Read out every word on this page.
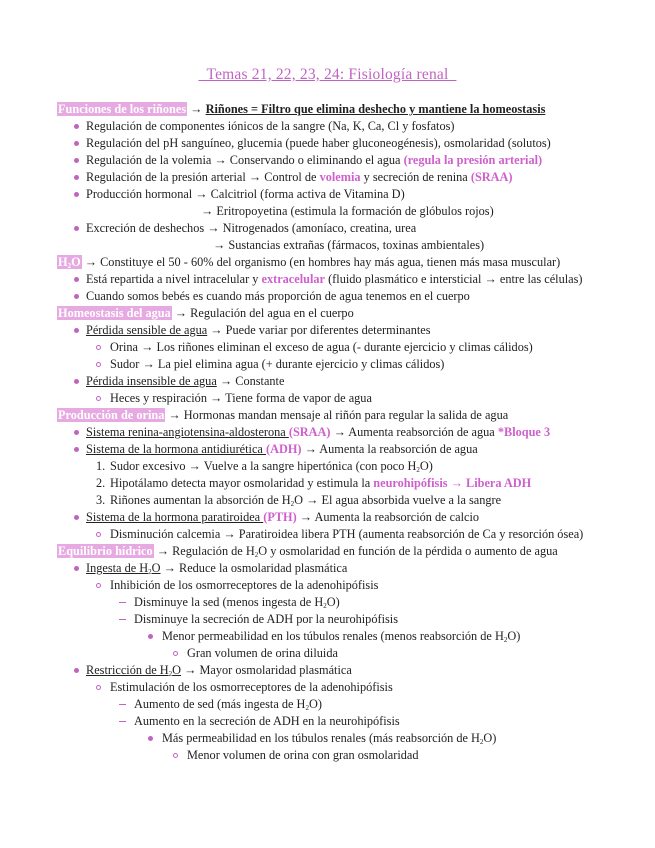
_Temas 21, 22, 23, 24: Fisiología renal_
Funciones de los riñones → Riñones = Filtro que elimina deshecho y mantiene la homeostasis
Regulación de componentes iónicos de la sangre (Na, K, Ca, Cl y fosfatos)
Regulación del pH sanguíneo, glucemia (puede haber gluconeogénesis), osmolaridad (solutos)
Regulación de la volemia → Conservando o eliminando el agua (regula la presión arterial)
Regulación de la presión arterial → Control de volemia y secreción de renina (SRAA)
Producción hormonal → Calcitriol (forma activa de Vitamina D)
→ Eritropoyetina (estimula la formación de glóbulos rojos)
Excreción de deshechos → Nitrogenados (amoníaco, creatina, urea
→ Sustancias extrañas (fármacos, toxinas ambientales)
$H_2O$ → Constituye el 50 - 60% del organismo (en hombres hay más agua, tienen más masa muscular)
Está repartida a nivel intracelular y extracelular (fluido plasmático e intersticial → entre las células)
Cuando somos bebés es cuando más proporción de agua tenemos en el cuerpo
Homeostasis del agua → Regulación del agua en el cuerpo
Pérdida sensible de agua → Puede variar por diferentes determinantes
Orina → Los riñones eliminan el exceso de agua (- durante ejercicio y climas cálidos)
Sudor → La piel elimina agua (+ durante ejercicio y climas cálidos)
Pérdida insensible de agua → Constante
Heces y respiración → Tiene forma de vapor de agua
Producción de orina → Hormonas mandan mensaje al riñón para regular la salida de agua
Sistema renina-angiotensina-aldosterona (SRAA) → Aumenta reabsorción de agua *Bloque 3
Sistema de la hormona antidiurética (ADH) → Aumenta la reabsorción de agua
1. Sudor excesivo → Vuelve a la sangre hipertónica (con poco $H_2O$)
2. Hipotálamo detecta mayor osmolaridad y estimula la neurohipófisis → Libera ADH
3. Riñones aumentan la absorción de $H_2O \to El$ agua absorbida vuelve a la sangre
Sistema de la hormona paratiroidea (PTH) → Aumenta la reabsorción de calcio
Disminución calcemia → Paratiroidea libera PTH (aumenta reabsorción de Ca y resorción ósea)
Equilibrio hídrico → Regulación de $H_2O$ y osmolaridad en función de la pérdida o aumento de agua
Ingesta de $H_2O$ → Reduce la osmolaridad plasmática
Inhibición de los osmorreceptores de la adenohipófisis
Disminuye la sed (menos ingesta de $H_2O$)
Disminuye la secreción de ADH por la neurohipófisis
Menor permeabilidad en los túbulos renales (menos reabsorción de $H_2O$)
Gran volumen de orina diluida
Restricción de $H_2O$ → Mayor osmolaridad plasmática
Estimulación de los osmorreceptores de la adenohipófisis
Aumento de sed (más ingesta de $H_2O$)
Aumento en la secreción de ADH en la neurohipófisis
Más permeabilidad en los túbulos renales (más reabsorción de $H_2O$)
Menor volumen de orina con gran osmolaridad
